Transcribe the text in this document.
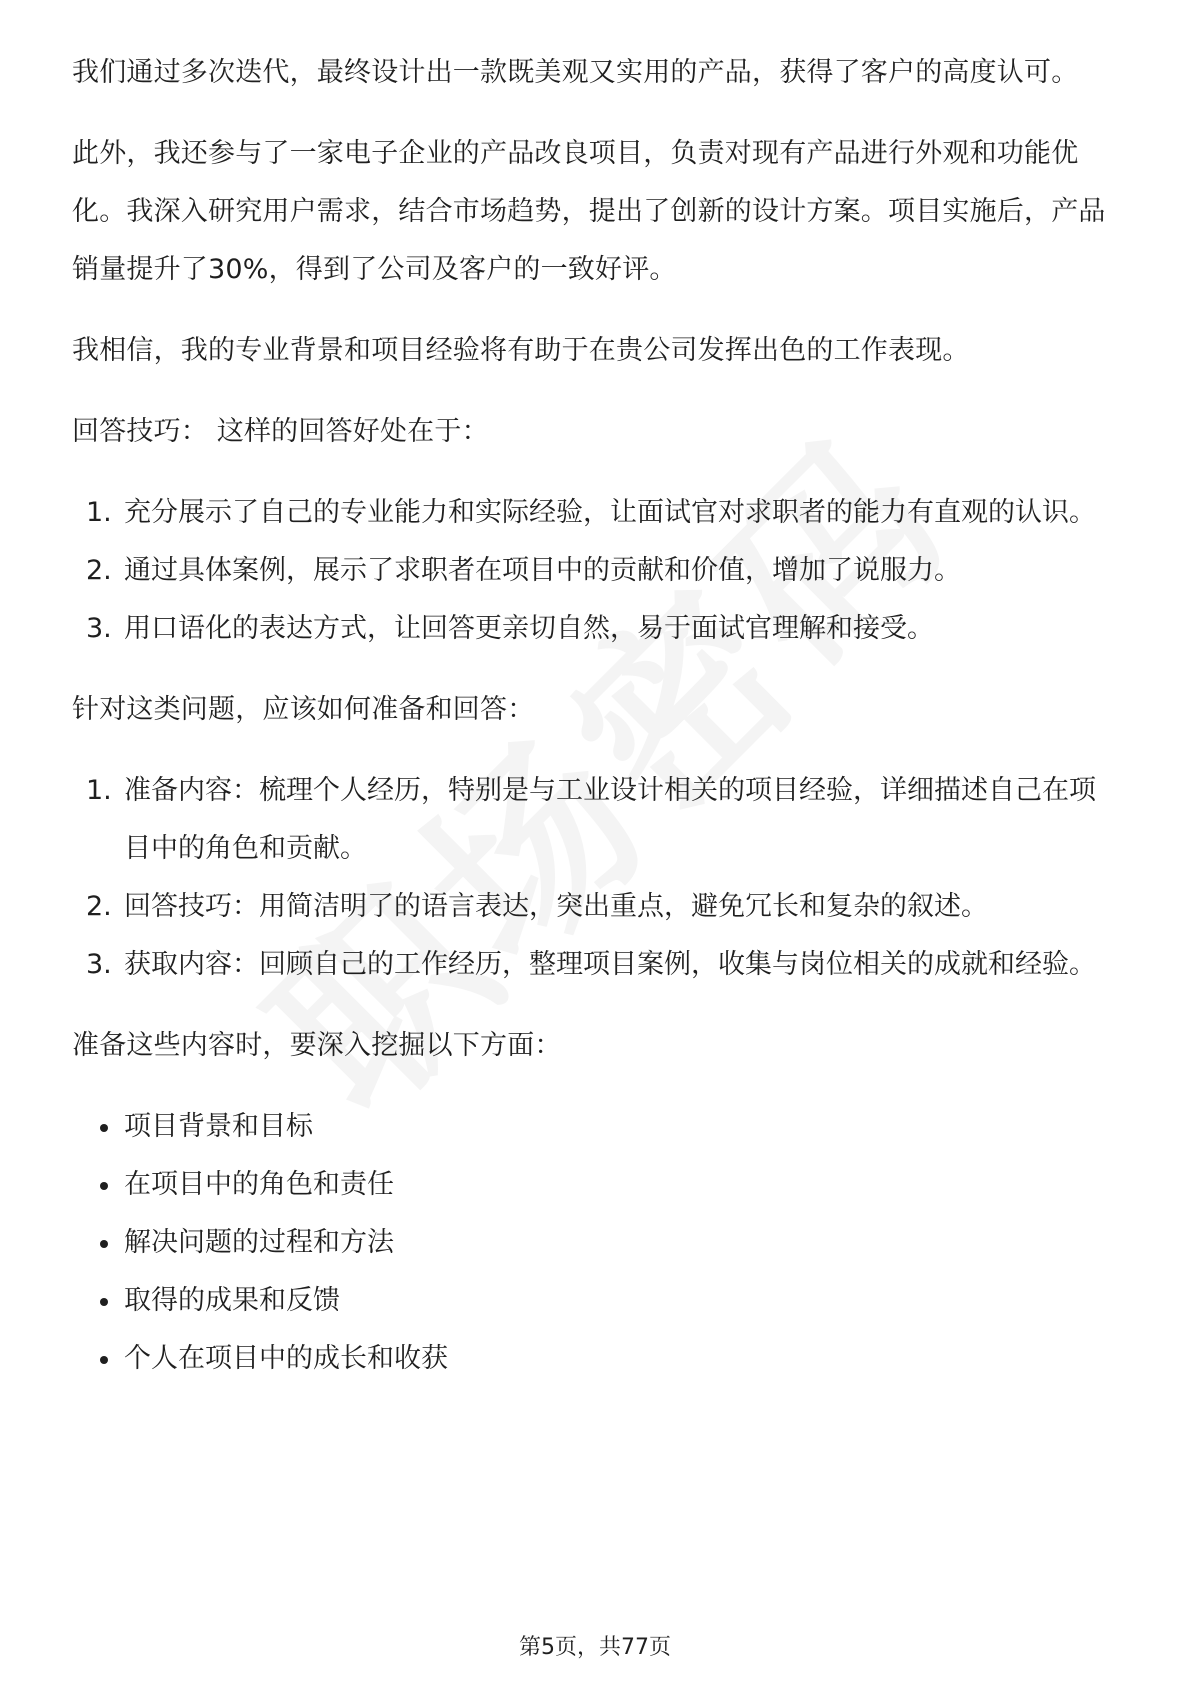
我们通过多次迭代，最终设计出一款既美观又实用的产品，获得了客户的高度认可。

此外，我还参与了一家电子企业的产品改良项目，负责对现有产品进行外观和功能优化。我深入研究用户需求，结合市场趋势，提出了创新的设计方案。项目实施后，产品销量提升了30%，得到了公司及客户的一致好评。

我相信，我的专业背景和项目经验将有助于在贵公司发挥出色的工作表现。

回答技巧： 这样的回答好处在于：

1. 充分展示了自己的专业能力和实际经验，让面试官对求职者的能力有直观的认识。
2. 通过具体案例，展示了求职者在项目中的贡献和价值，增加了说服力。
3. 用口语化的表达方式，让回答更亲切自然，易于面试官理解和接受。

针对这类问题，应该如何准备和回答：

1. 准备内容：梳理个人经历，特别是与工业设计相关的项目经验，详细描述自己在项目中的角色和贡献。
2. 回答技巧：用简洁明了的语言表达，突出重点，避免冗长和复杂的叙述。
3. 获取内容：回顾自己的工作经历，整理项目案例，收集与岗位相关的成就和经验。

准备这些内容时，要深入挖掘以下方面：

项目背景和目标
在项目中的角色和责任
解决问题的过程和方法
取得的成果和反馈
个人在项目中的成长和收获
第5页，共77页
